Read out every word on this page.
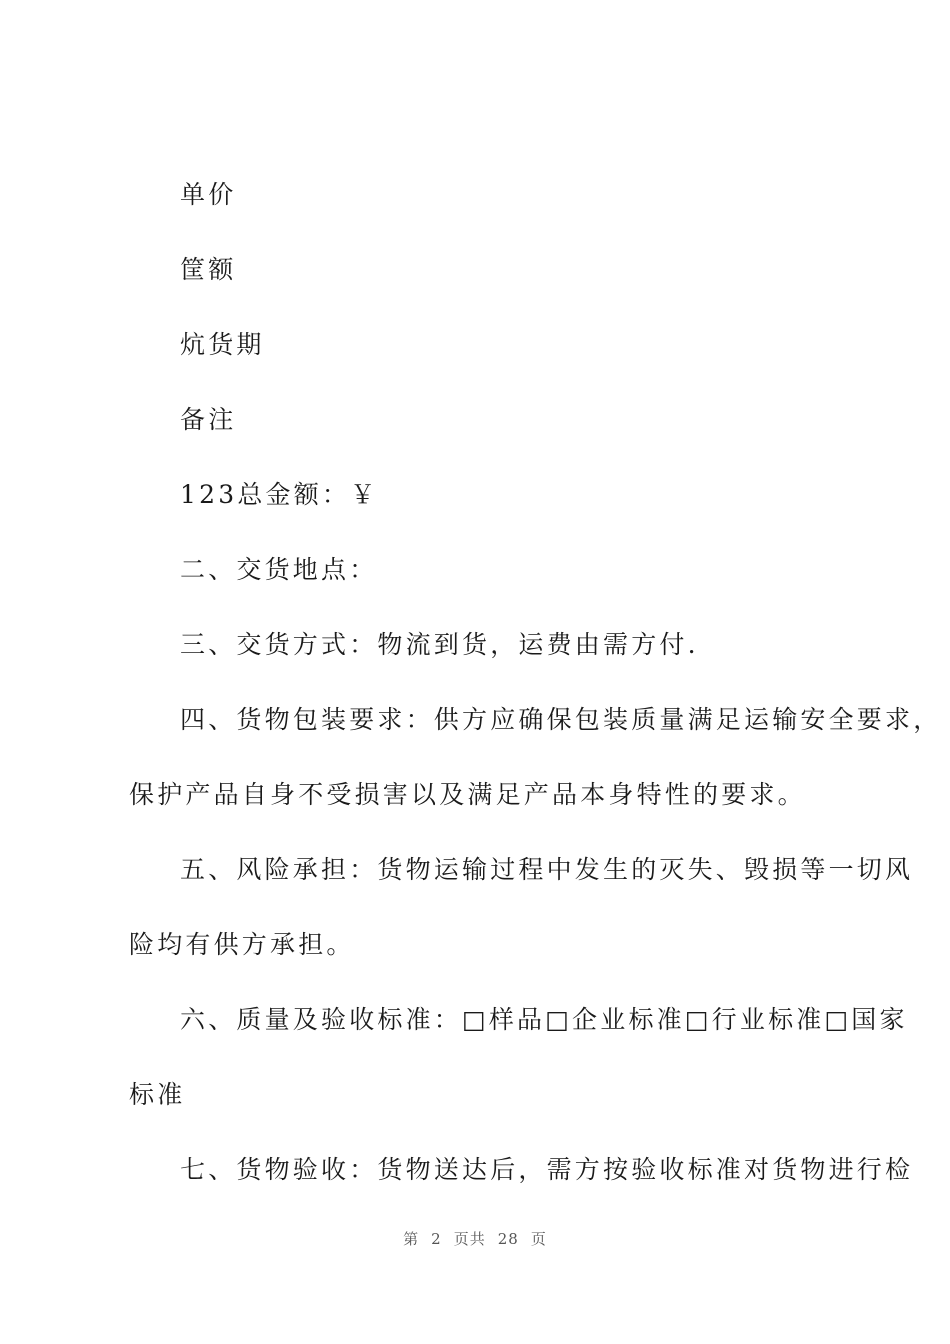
单价
筐额
炕货期
备注
123总金额：￥
二、交货地点：
三、交货方式：物流到货，运费由需方付.
四、货物包装要求：供方应确保包装质量满足运输安全要求，
保护产品自身不受损害以及满足产品本身特性的要求。
五、风险承担：货物运输过程中发生的灭失、毁损等一切风
险均有供方承担。
六、质量及验收标准：□样品□企业标准□行业标准□国家
标准
七、货物验收：货物送达后，需方按验收标准对货物进行检
第 2 页共 28 页
